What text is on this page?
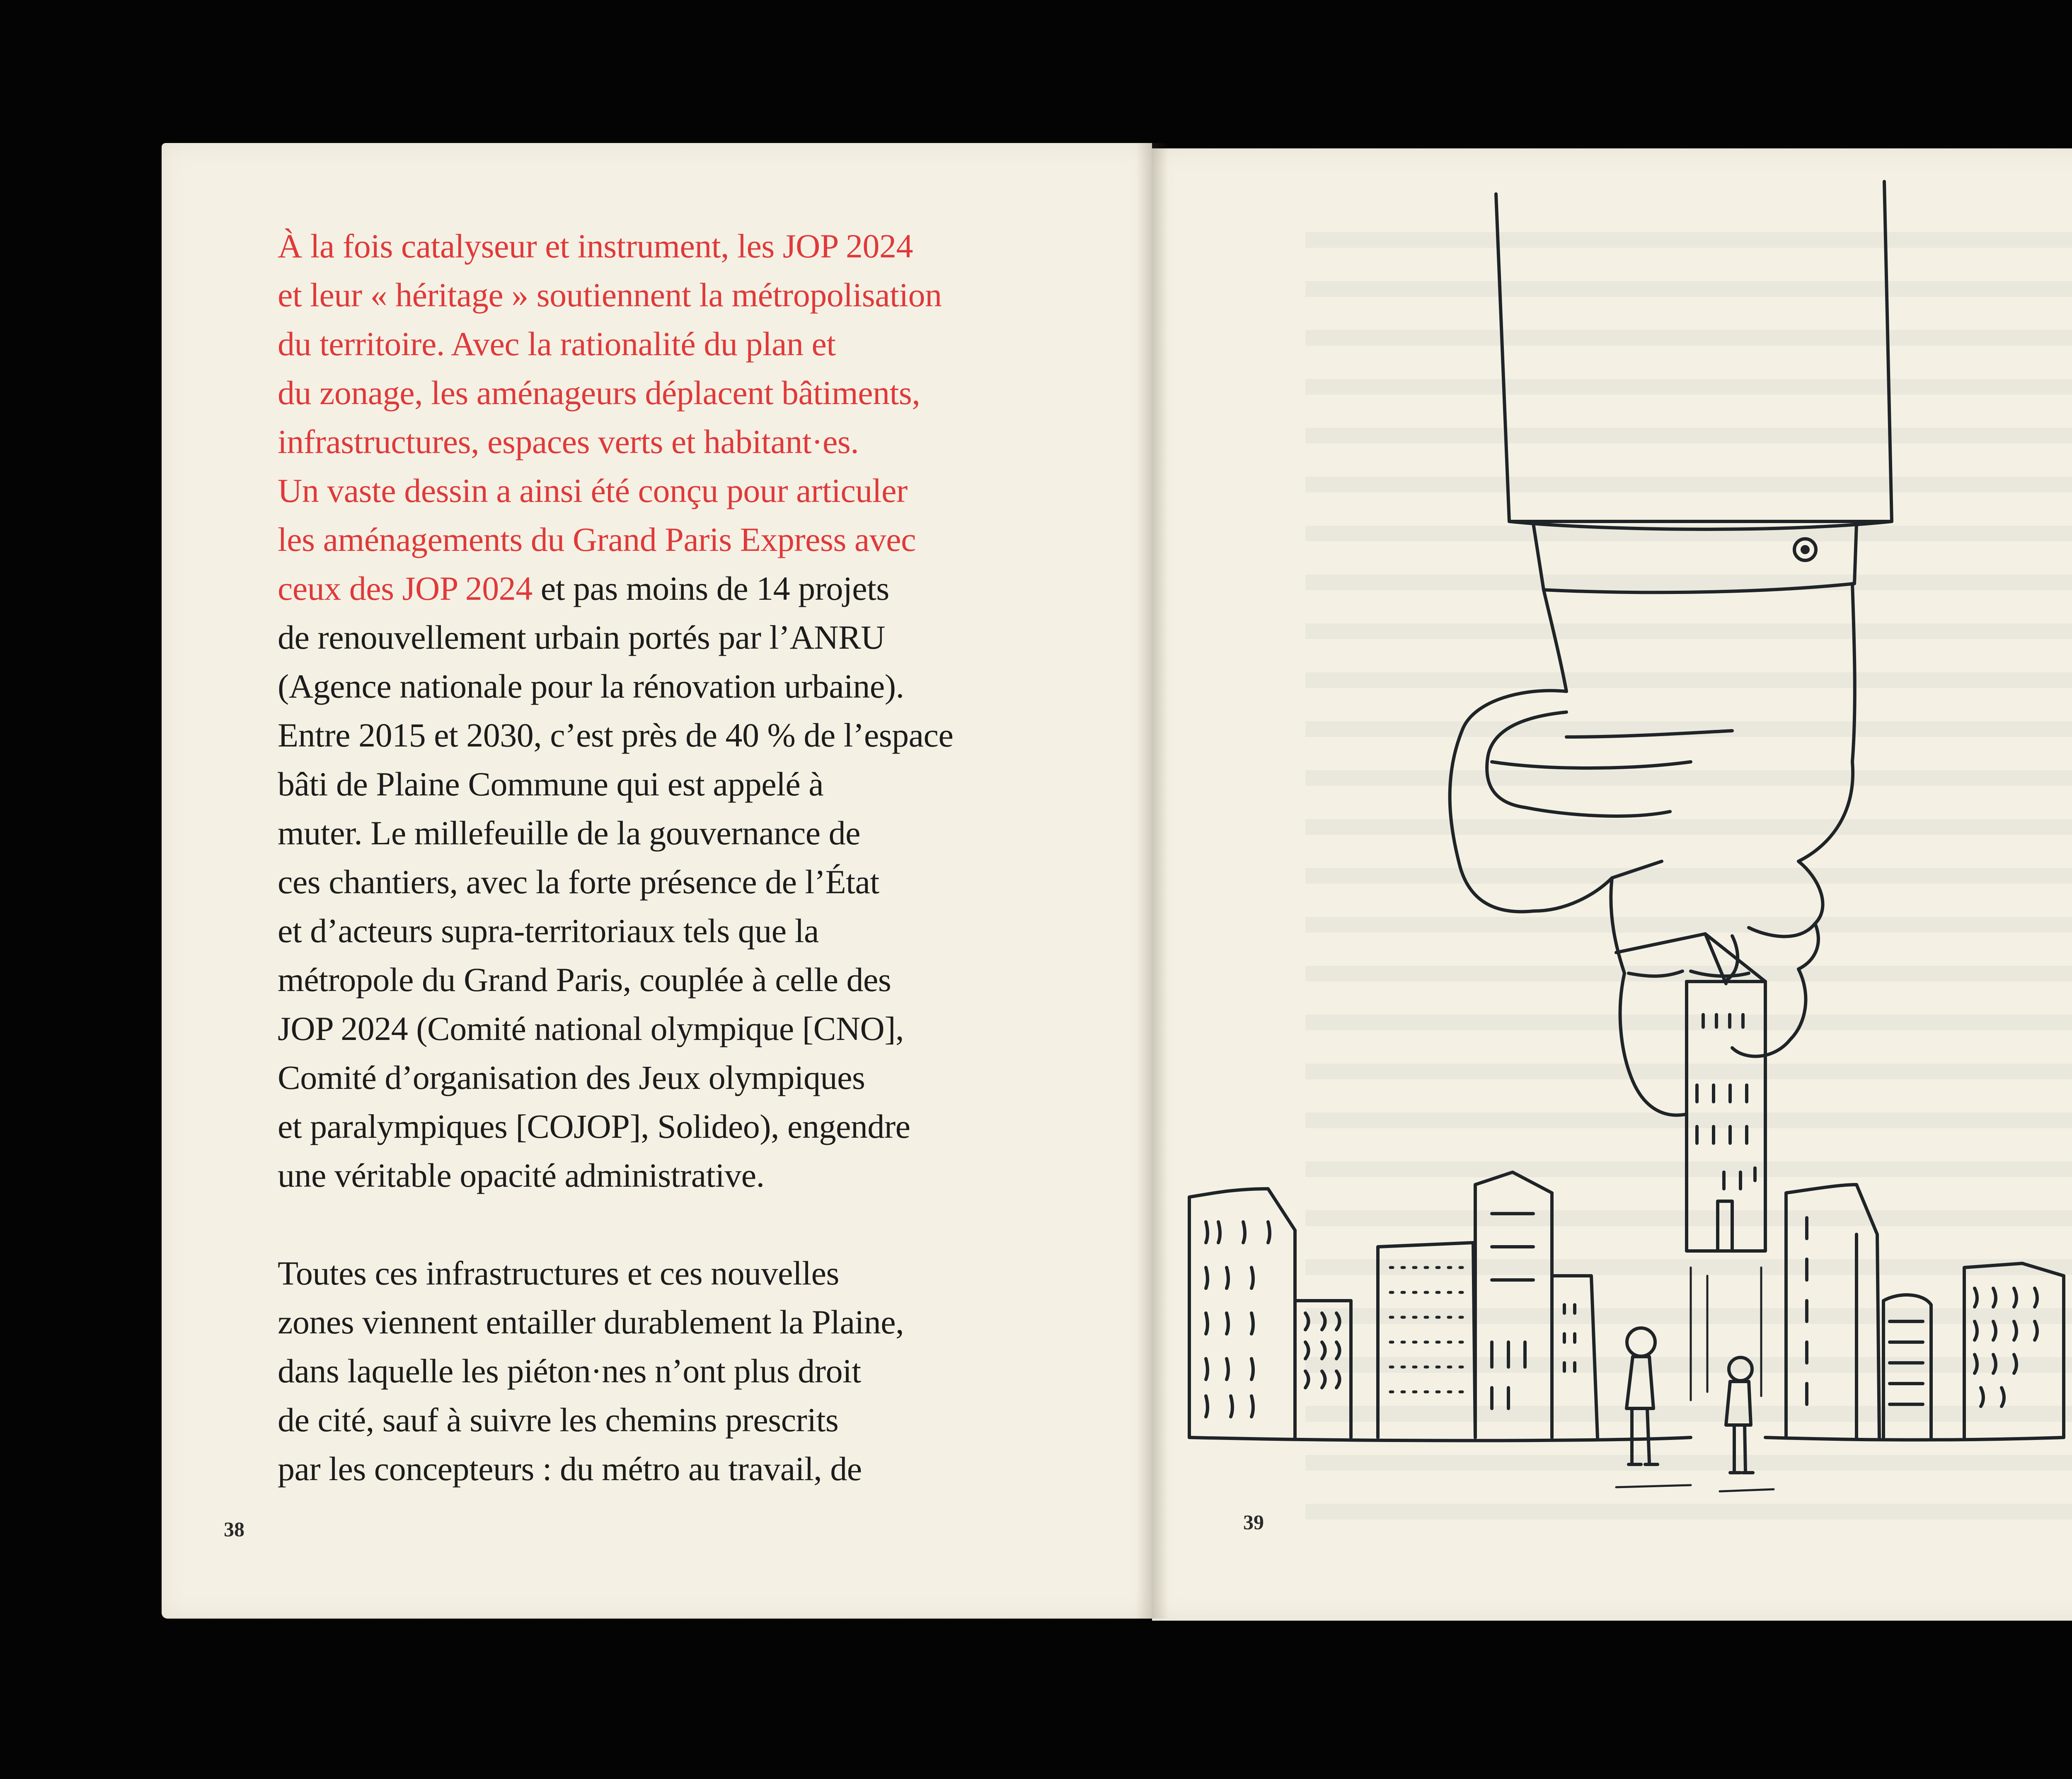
À la fois catalyseur et instrument, les JOP 2024
et leur « héritage » soutiennent la métropolisation
du territoire. Avec la rationalité du plan et
du zonage, les aménageurs déplacent bâtiments,
infrastructures, espaces verts et habitant·es.
Un vaste dessin a ainsi été conçu pour articuler
les aménagements du Grand Paris Express avec
ceux des JOP 2024 et pas moins de 14 projets
de renouvellement urbain portés par l’ANRU
(Agence nationale pour la rénovation urbaine).
Entre 2015 et 2030, c’est près de 40 % de l’espace
bâti de Plaine Commune qui est appelé à
muter. Le millefeuille de la gouvernance de
ces chantiers, avec la forte présence de l’État
et d’acteurs supra-territoriaux tels que la
métropole du Grand Paris, couplée à celle des
JOP 2024 (Comité national olympique [CNO],
Comité d’organisation des Jeux olympiques
et paralympiques [COJOP], Solideo), engendre
une véritable opacité administrative.

Toutes ces infrastructures et ces nouvelles
zones viennent entailler durablement la Plaine,
dans laquelle les piéton·nes n’ont plus droit
de cité, sauf à suivre les chemins prescrits
par les concepteurs : du métro au travail, de

38	39
